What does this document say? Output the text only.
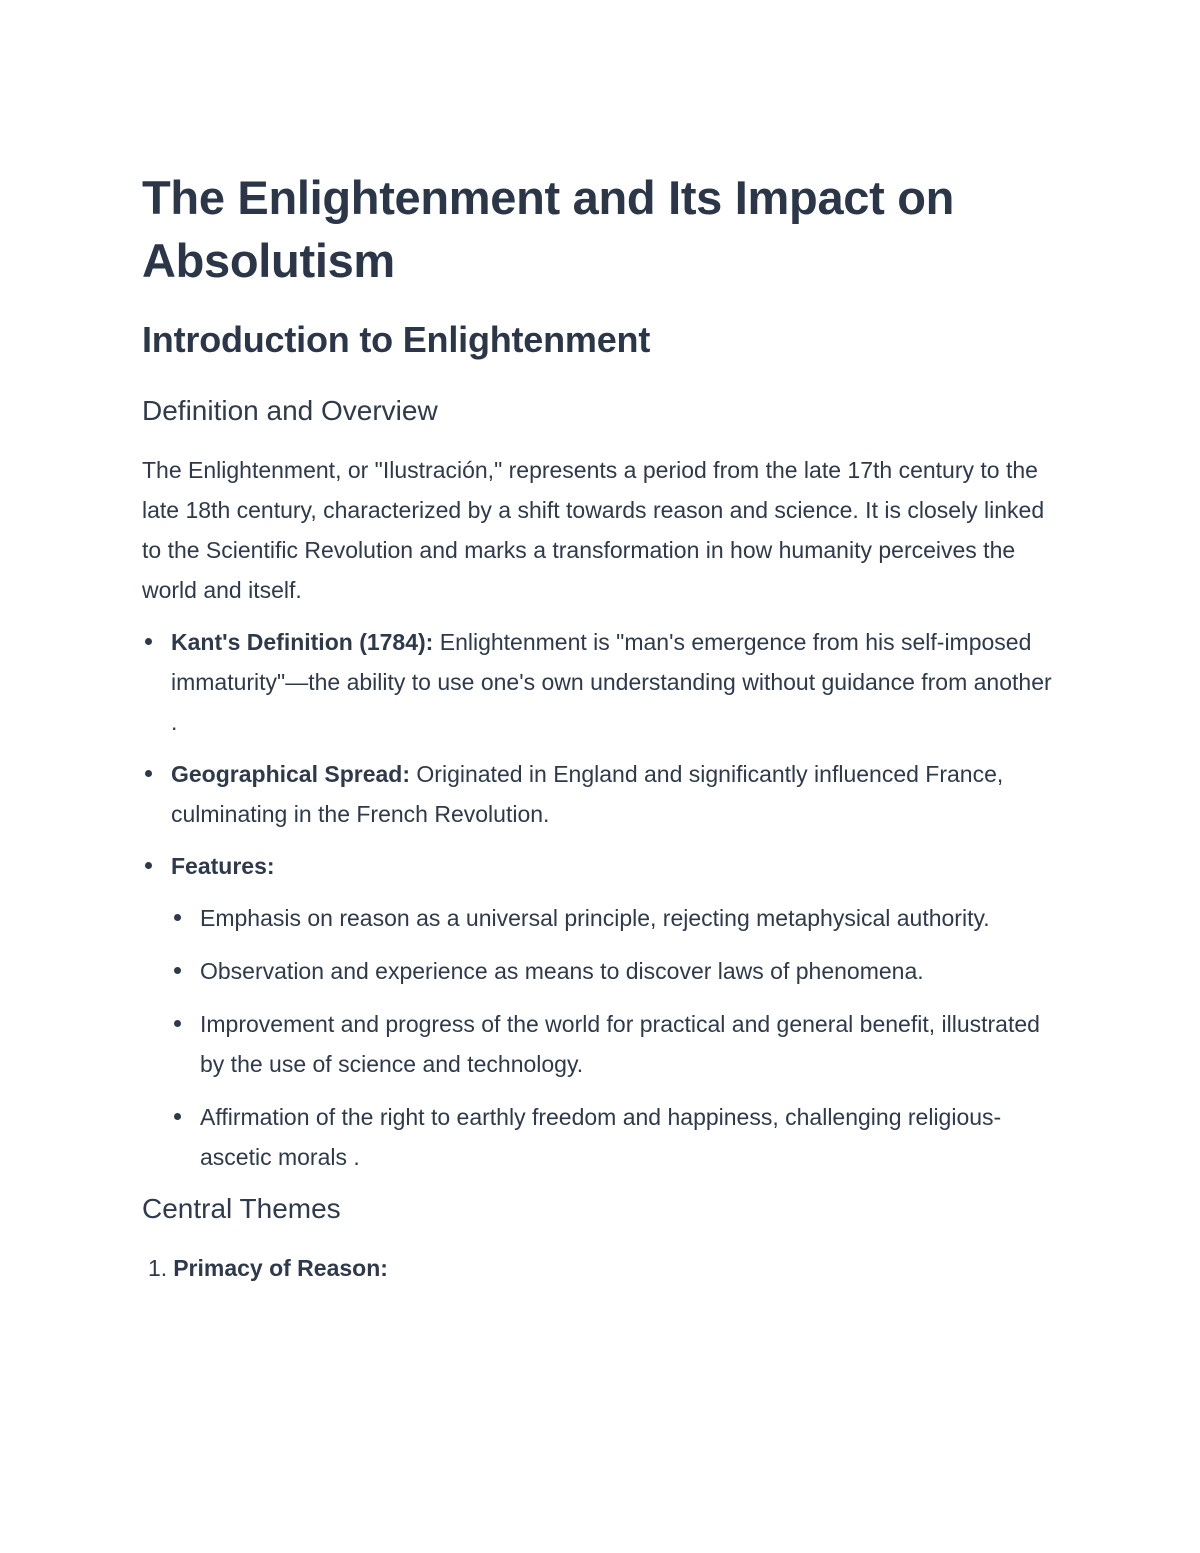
The Enlightenment and Its Impact on Absolutism
Introduction to Enlightenment
Definition and Overview

The Enlightenment, or "Ilustración," represents a period from the late 17th century to the late 18th century, characterized by a shift towards reason and science. It is closely linked to the Scientific Revolution and marks a transformation in how humanity perceives the world and itself.

Kant's Definition (1784): Enlightenment is "man's emergence from his self-imposed immaturity"—the ability to use one's own understanding without guidance from another .
Geographical Spread: Originated in England and significantly influenced France, culminating in the French Revolution.
Features:
Emphasis on reason as a universal principle, rejecting metaphysical authority.
Observation and experience as means to discover laws of phenomena.
Improvement and progress of the world for practical and general benefit, illustrated by the use of science and technology.
Affirmation of the right to earthly freedom and happiness, challenging religious-ascetic morals .
Central Themes
1. Primacy of Reason:
